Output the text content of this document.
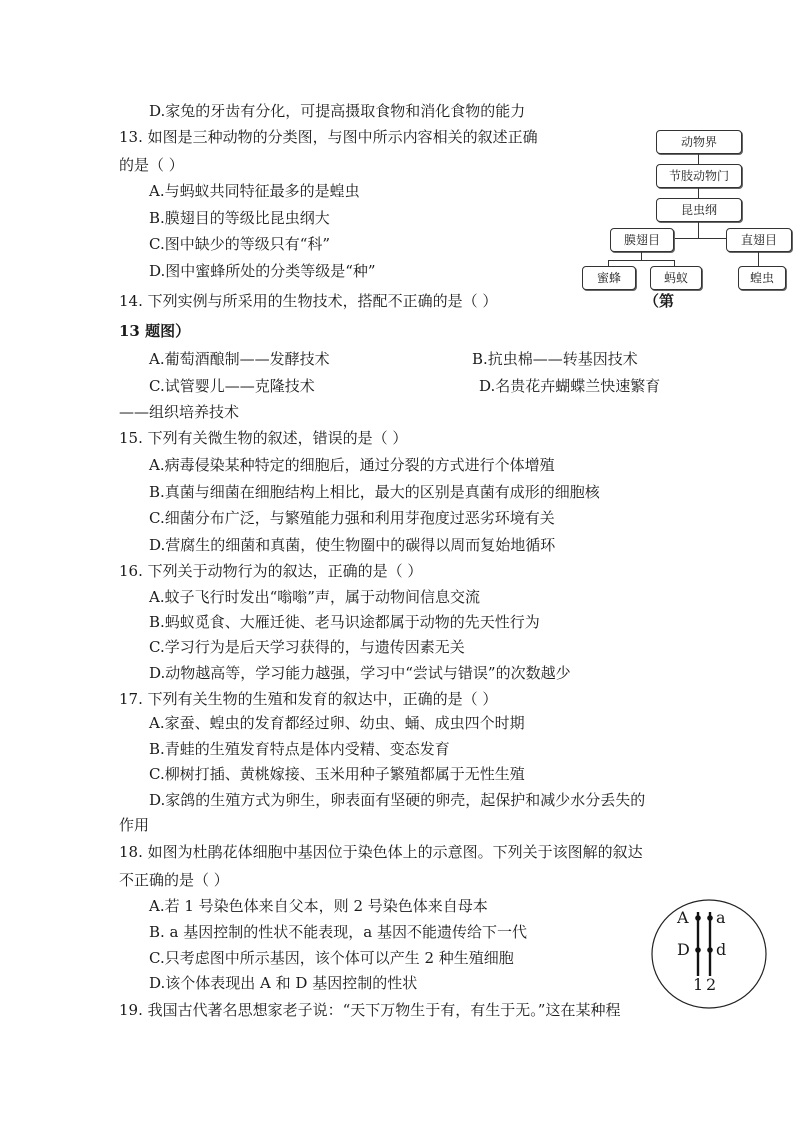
D.家兔的牙齿有分化，可提高摄取食物和消化食物的能力
13. 如图是三种动物的分类图，与图中所示内容相关的叙述正确
的是（ ）
A.与蚂蚁共同特征最多的是蝗虫
B.膜翅目的等级比昆虫纲大
C.图中缺少的等级只有“科”
D.图中蜜蜂所处的分类等级是“种”
动物界
节肢动物门
昆虫纲
膜翅目	直翅目
蜜蜂	蚂蚁	蝗虫
14. 下列实例与所采用的生物技术，搭配不正确的是（ ）	（第
13 题图）
A.葡萄酒酿制——发酵技术	B.抗虫棉——转基因技术
C.试管婴儿——克隆技术	D.名贵花卉蝴蝶兰快速繁育
——组织培养技术
15. 下列有关微生物的叙述，错误的是（ ）
A.病毒侵染某种特定的细胞后，通过分裂的方式进行个体增殖
B.真菌与细菌在细胞结构上相比，最大的区别是真菌有成形的细胞核
C.细菌分布广泛，与繁殖能力强和利用芽孢度过恶劣环境有关
D.营腐生的细菌和真菌，使生物圈中的碳得以周而复始地循环
16. 下列关于动物行为的叙达，正确的是（ ）
A.蚊子飞行时发出“嗡嗡”声，属于动物间信息交流
B.蚂蚁觅食、大雁迁徙、老马识途都属于动物的先天性行为
C.学习行为是后天学习获得的，与遗传因素无关
D.动物越高等，学习能力越强，学习中“尝试与错误”的次数越少
17. 下列有关生物的生殖和发育的叙达中，正确的是（ ）
A.家蚕、蝗虫的发育都经过卵、幼虫、蛹、成虫四个时期
B.青蛙的生殖发育特点是体内受精、变态发育
C.柳树打插、黄桃嫁接、玉米用种子繁殖都属于无性生殖
D.家鸽的生殖方式为卵生，卵表面有坚硬的卵壳，起保护和减少水分丢失的
作用
18. 如图为杜鹃花体细胞中基因位于染色体上的示意图。下列关于该图解的叙达
不正确的是（ ）
A.若 1 号染色体来自父本，则 2 号染色体来自母本
B. a 基因控制的性状不能表现，a 基因不能遗传给下一代
C.只考虑图中所示基因，该个体可以产生 2 种生殖细胞
D.该个体表现出 A 和 D 基因控制的性状
A a
D d
1 2
19. 我国古代著名思想家老子说：“天下万物生于有，有生于无。”这在某种程
